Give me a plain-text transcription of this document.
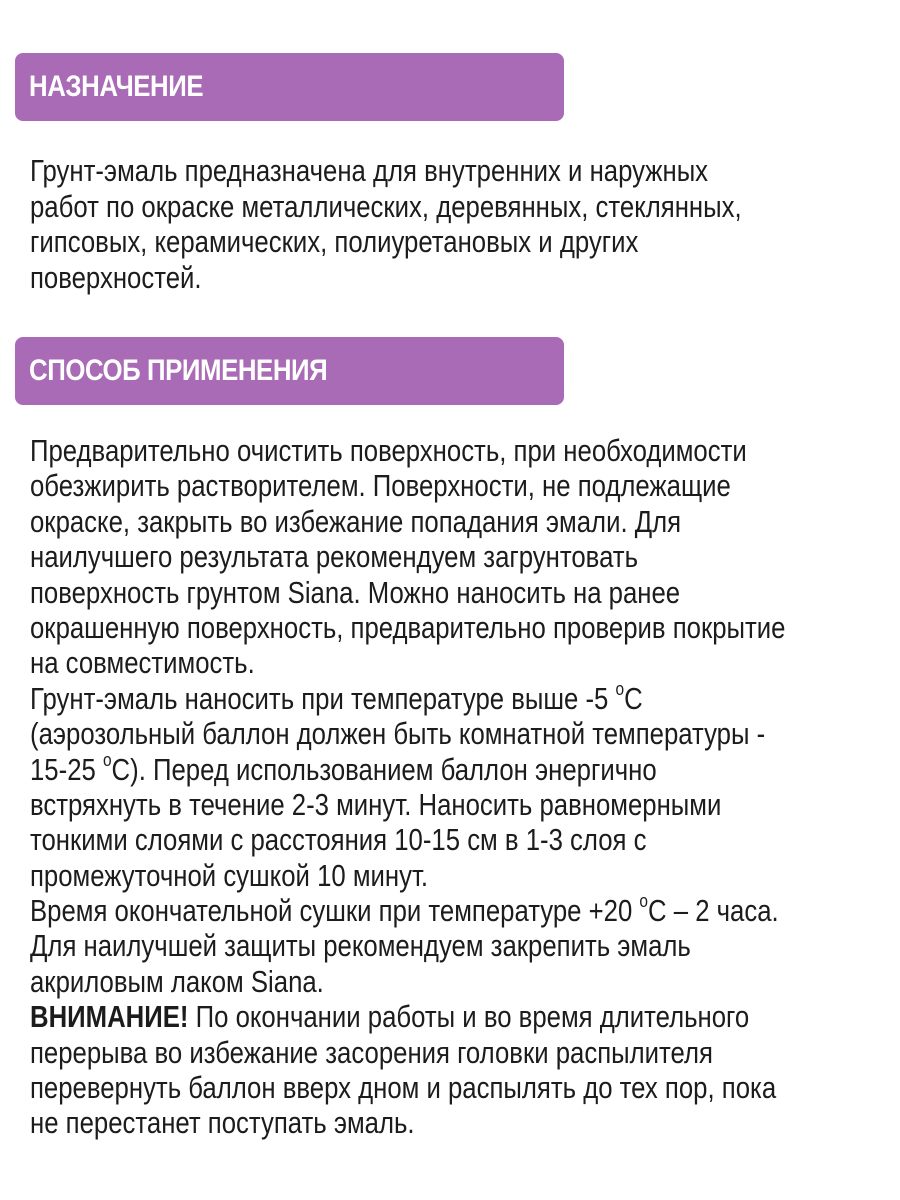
НАЗНАЧЕНИЕ
Грунт-эмаль предназначена для внутренних и наружных
работ по окраске металлических, деревянных, стеклянных,
гипсовых, керамических, полиуретановых и других
поверхностей.
СПОСОБ ПРИМЕНЕНИЯ
Предварительно очистить поверхность, при необходимости
обезжирить растворителем. Поверхности, не подлежащие
окраске, закрыть во избежание попадания эмали. Для
наилучшего результата рекомендуем загрунтовать
поверхность грунтом Siana. Можно наносить на ранее
окрашенную поверхность, предварительно проверив покрытие
на совместимость.
Грунт-эмаль наносить при температуре выше -5 $^o$С
(аэрозольный баллон должен быть комнатной температуры -
15-25 $^o$С). Перед использованием баллон энергично
встряхнуть в течение 2-3 минут. Наносить равномерными
тонкими слоями с расстояния 10-15 см в 1-3 слоя с
промежуточной сушкой 10 минут.
Время окончательной сушки при температуре +20 $^o$С – 2 часа.
Для наилучшей защиты рекомендуем закрепить эмаль
акриловым лаком Siana.
ВНИМАНИЕ! По окончании работы и во время длительного
перерыва во избежание засорения головки распылителя
перевернуть баллон вверх дном и распылять до тех пор, пока
не перестанет поступать эмаль.
